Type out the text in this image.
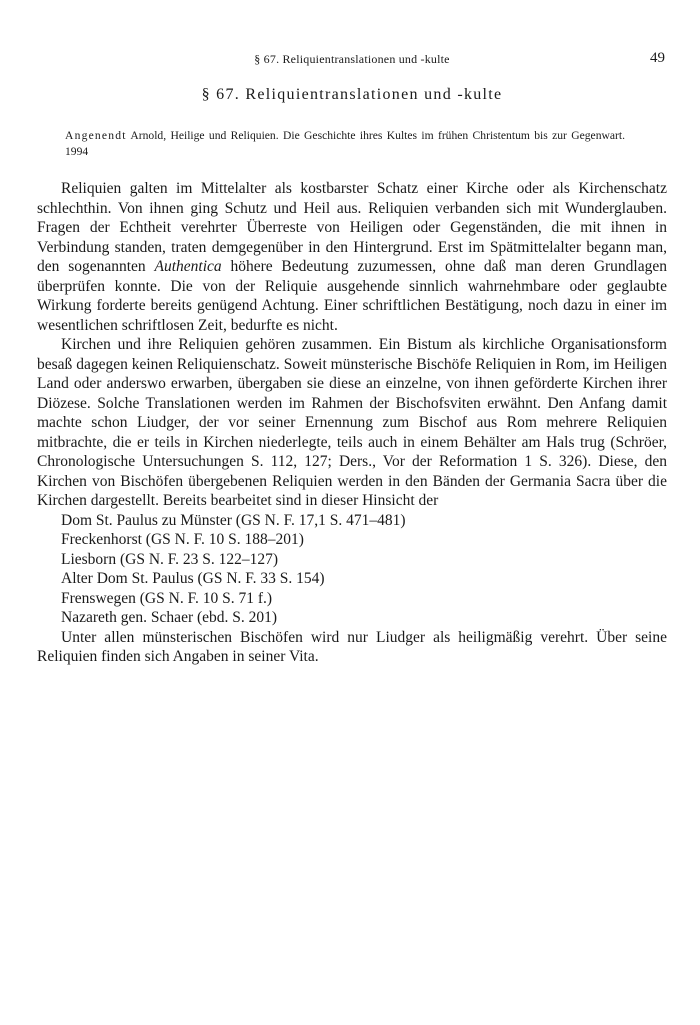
§ 67. Reliquientranslationen und -kulte	49
§ 67. Reliquientranslationen und -kulte
Angenendt Arnold, Heilige und Reliquien. Die Geschichte ihres Kultes im frühen Christentum bis zur Gegenwart. 1994

Reliquien galten im Mittelalter als kostbarster Schatz einer Kirche oder als Kirchenschatz schlechthin. Von ihnen ging Schutz und Heil aus. Reliquien verbanden sich mit Wunderglauben. Fragen der Echtheit verehrter Überreste von Heiligen oder Gegenständen, die mit ihnen in Verbindung standen, traten demgegenüber in den Hintergrund. Erst im Spätmittelalter begann man, den sogenannten Authentica höhere Bedeutung zuzumessen, ohne daß man deren Grundlagen überprüfen konnte. Die von der Reliquie ausgehende sinnlich wahrnehmbare oder geglaubte Wirkung forderte bereits genügend Achtung. Einer schriftlichen Bestätigung, noch dazu in einer im wesentlichen schriftlosen Zeit, bedurfte es nicht.

Kirchen und ihre Reliquien gehören zusammen. Ein Bistum als kirchliche Organisationsform besaß dagegen keinen Reliquienschatz. Soweit münsterische Bischöfe Reliquien in Rom, im Heiligen Land oder anderswo erwarben, übergaben sie diese an einzelne, von ihnen geförderte Kirchen ihrer Diözese. Solche Translationen werden im Rahmen der Bischofsviten erwähnt. Den Anfang damit machte schon Liudger, der vor seiner Ernennung zum Bischof aus Rom mehrere Reliquien mitbrachte, die er teils in Kirchen niederlegte, teils auch in einem Behälter am Hals trug (Schröer, Chronologische Untersuchungen S. 112, 127; Ders., Vor der Reformation 1 S. 326). Diese, den Kirchen von Bischöfen übergebenen Reliquien werden in den Bänden der Germania Sacra über die Kirchen dargestellt. Bereits bearbeitet sind in dieser Hinsicht der

Dom St. Paulus zu Münster (GS N. F. 17,1 S. 471–481)
Freckenhorst (GS N. F. 10 S. 188–201)
Liesborn (GS N. F. 23 S. 122–127)
Alter Dom St. Paulus (GS N. F. 33 S. 154)
Frenswegen (GS N. F. 10 S. 71 f.)
Nazareth gen. Schaer (ebd. S. 201)

Unter allen münsterischen Bischöfen wird nur Liudger als heiligmäßig verehrt. Über seine Reliquien finden sich Angaben in seiner Vita.
